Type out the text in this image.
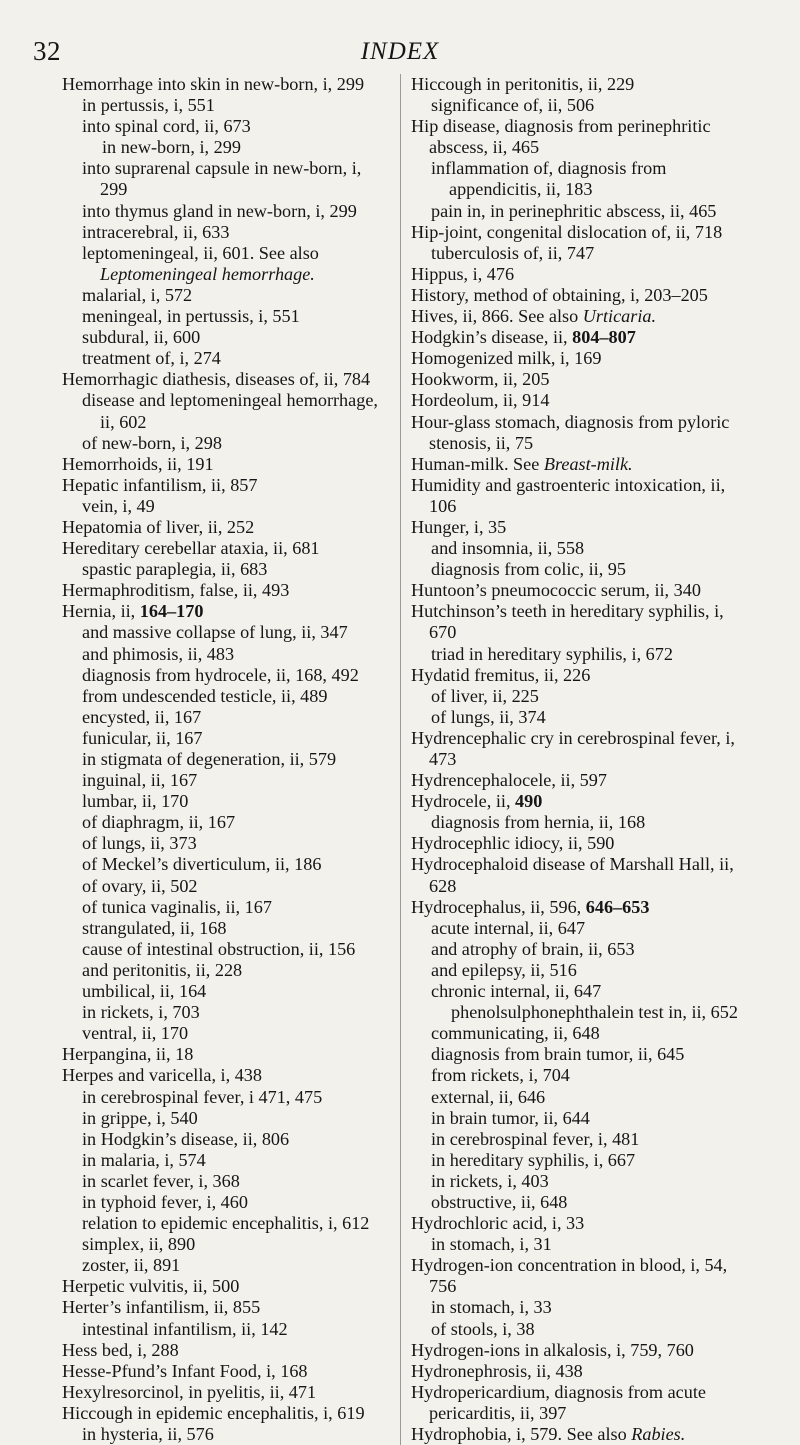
32	INDEX
Hemorrhage into skin in new-born, i, 299
in pertussis, i, 551
into spinal cord, ii, 673
in new-born, i, 299
into suprarenal capsule in new-born, i, 299
into thymus gland in new-born, i, 299
intracerebral, ii, 633
leptomeningeal, ii, 601. See also Leptomeningeal hemorrhage.
malarial, i, 572
meningeal, in pertussis, i, 551
subdural, ii, 600
treatment of, i, 274
Hemorrhagic diathesis, diseases of, ii, 784
disease and leptomeningeal hemorrhage, ii, 602
of new-born, i, 298
Hemorrhoids, ii, 191
Hepatic infantilism, ii, 857
vein, i, 49
Hepatomia of liver, ii, 252
Hereditary cerebellar ataxia, ii, 681
spastic paraplegia, ii, 683
Hermaphroditism, false, ii, 493
Hernia, ii, 164–170
and massive collapse of lung, ii, 347
and phimosis, ii, 483
diagnosis from hydrocele, ii, 168, 492
from undescended testicle, ii, 489
encysted, ii, 167
funicular, ii, 167
in stigmata of degeneration, ii, 579
inguinal, ii, 167
lumbar, ii, 170
of diaphragm, ii, 167
of lungs, ii, 373
of Meckel’s diverticulum, ii, 186
of ovary, ii, 502
of tunica vaginalis, ii, 167
strangulated, ii, 168
cause of intestinal obstruction, ii, 156
and peritonitis, ii, 228
umbilical, ii, 164
in rickets, i, 703
ventral, ii, 170
Herpangina, ii, 18
Herpes and varicella, i, 438
in cerebrospinal fever, i 471, 475
in grippe, i, 540
in Hodgkin’s disease, ii, 806
in malaria, i, 574
in scarlet fever, i, 368
in typhoid fever, i, 460
relation to epidemic encephalitis, i, 612
simplex, ii, 890
zoster, ii, 891
Herpetic vulvitis, ii, 500
Herter’s infantilism, ii, 855
intestinal infantilism, ii, 142
Hess bed, i, 288
Hesse-Pfund’s Infant Food, i, 168
Hexylresorcinol, in pyelitis, ii, 471
Hiccough in epidemic encephalitis, i, 619
in hysteria, ii, 576
Hiccough in peritonitis, ii, 229
significance of, ii, 506
Hip disease, diagnosis from perinephritic abscess, ii, 465
inflammation of, diagnosis from appendicitis, ii, 183
pain in, in perinephritic abscess, ii, 465
Hip-joint, congenital dislocation of, ii, 718
tuberculosis of, ii, 747
Hippus, i, 476
History, method of obtaining, i, 203–205
Hives, ii, 866. See also Urticaria.
Hodgkin’s disease, ii, 804–807
Homogenized milk, i, 169
Hookworm, ii, 205
Hordeolum, ii, 914
Hour-glass stomach, diagnosis from pyloric stenosis, ii, 75
Human-milk. See Breast-milk.
Humidity and gastroenteric intoxication, ii, 106
Hunger, i, 35
and insomnia, ii, 558
diagnosis from colic, ii, 95
Huntoon’s pneumococcic serum, ii, 340
Hutchinson’s teeth in hereditary syphilis, i, 670
triad in hereditary syphilis, i, 672
Hydatid fremitus, ii, 226
of liver, ii, 225
of lungs, ii, 374
Hydrencephalic cry in cerebrospinal fever, i, 473
Hydrencephalocele, ii, 597
Hydrocele, ii, 490
diagnosis from hernia, ii, 168
Hydrocephlic idiocy, ii, 590
Hydrocephaloid disease of Marshall Hall, ii, 628
Hydrocephalus, ii, 596, 646–653
acute internal, ii, 647
and atrophy of brain, ii, 653
and epilepsy, ii, 516
chronic internal, ii, 647
phenolsulphonephthalein test in, ii, 652
communicating, ii, 648
diagnosis from brain tumor, ii, 645
from rickets, i, 704
external, ii, 646
in brain tumor, ii, 644
in cerebrospinal fever, i, 481
in hereditary syphilis, i, 667
in rickets, i, 403
obstructive, ii, 648
Hydrochloric acid, i, 33
in stomach, i, 31
Hydrogen-ion concentration in blood, i, 54, 756
in stomach, i, 33
of stools, i, 38
Hydrogen-ions in alkalosis, i, 759, 760
Hydronephrosis, ii, 438
Hydropericardium, diagnosis from acute pericarditis, ii, 397
Hydrophobia, i, 579. See also Rabies.
